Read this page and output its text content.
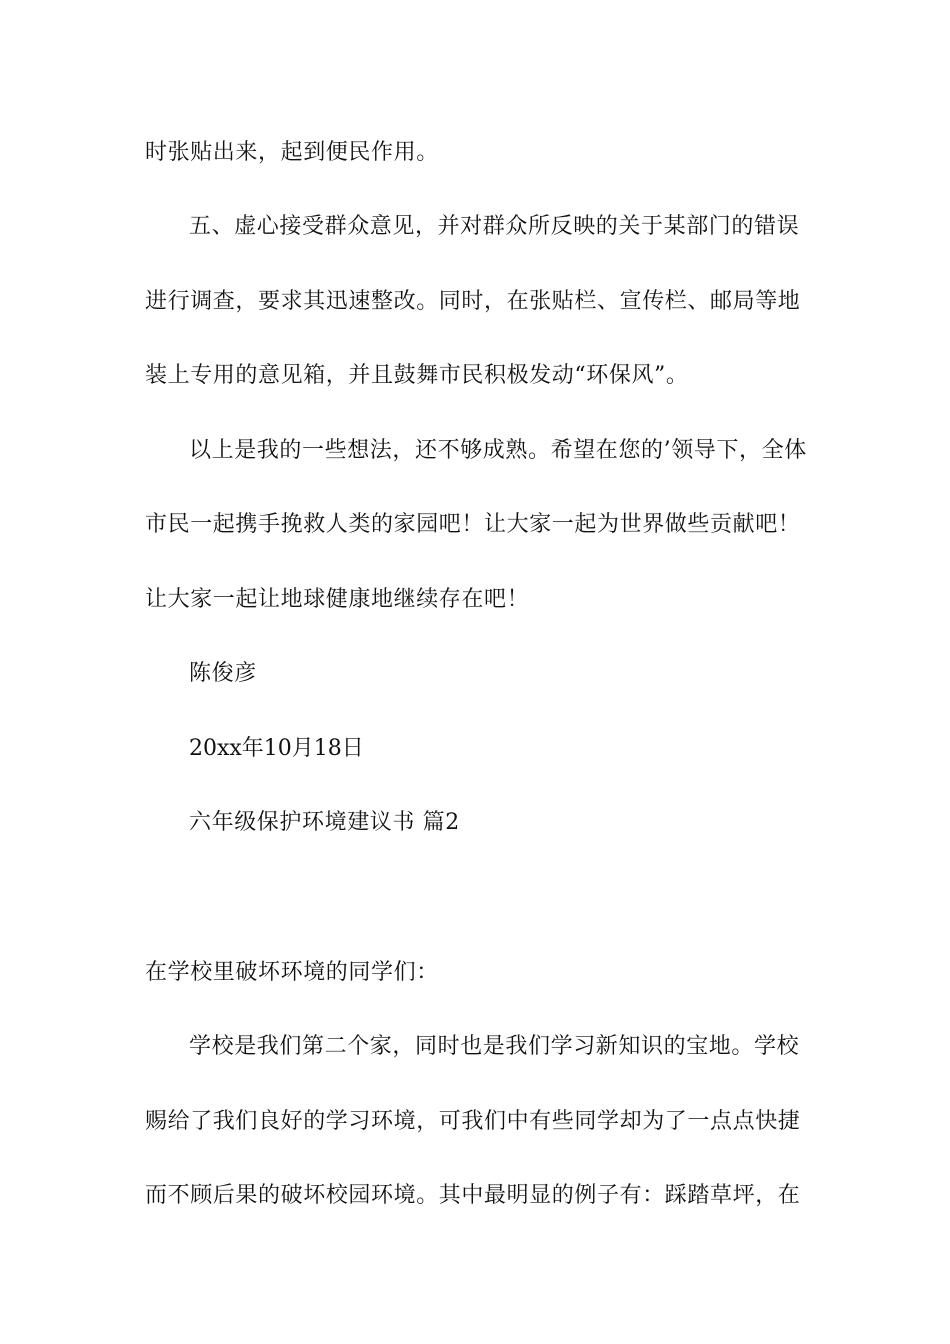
时张贴出来，起到便民作用。
五、虚心接受群众意见，并对群众所反映的关于某部门的错误
进行调查，要求其迅速整改。同时，在张贴栏、宣传栏、邮局等地
装上专用的意见箱，并且鼓舞市民积极发动“环保风”。
以上是我的一些想法，还不够成熟。希望在您的’领导下，全体
市民一起携手挽救人类的家园吧！让大家一起为世界做些贡献吧！
让大家一起让地球健康地继续存在吧！
陈俊彦
20xx年10月18日
六年级保护环境建议书 篇2
在学校里破坏环境的同学们：
学校是我们第二个家，同时也是我们学习新知识的宝地。学校
赐给了我们良好的学习环境，可我们中有些同学却为了一点点快捷
而不顾后果的破坏校园环境。其中最明显的例子有：踩踏草坪，在
